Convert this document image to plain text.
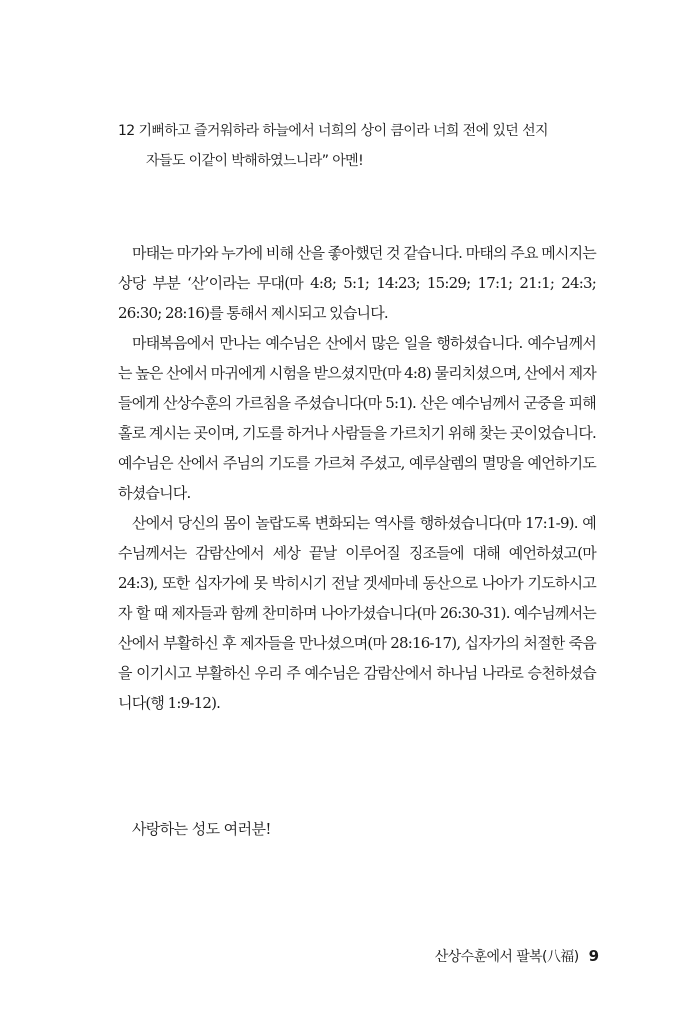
12 기뻐하고 즐거워하라 하늘에서 너희의 상이 큼이라 너희 전에 있던 선지
자들도 이같이 박해하였느니라” 아멘!

마태는 마가와 누가에 비해 산을 좋아했던 것 같습니다. 마태의 주요 메시지는 상당 부분 ‘산’이라는 무대(마 4:8; 5:1; 14:23; 15:29; 17:1; 21:1; 24:3; 26:30; 28:16)를 통해서 제시되고 있습니다.

마태복음에서 만나는 예수님은 산에서 많은 일을 행하셨습니다. 예수님께서는 높은 산에서 마귀에게 시험을 받으셨지만(마 4:8) 물리치셨으며, 산에서 제자들에게 산상수훈의 가르침을 주셨습니다(마 5:1). 산은 예수님께서 군중을 피해 홀로 계시는 곳이며, 기도를 하거나 사람들을 가르치기 위해 찾는 곳이었습니다. 예수님은 산에서 주님의 기도를 가르쳐 주셨고, 예루살렘의 멸망을 예언하기도 하셨습니다.

산에서 당신의 몸이 놀랍도록 변화되는 역사를 행하셨습니다(마 17:1-9). 예수님께서는 감람산에서 세상 끝날 이루어질 징조들에 대해 예언하셨고(마 24:3), 또한 십자가에 못 박히시기 전날 겟세마네 동산으로 나아가 기도하시고자 할 때 제자들과 함께 찬미하며 나아가셨습니다(마 26:30-31). 예수님께서는 산에서 부활하신 후 제자들을 만나셨으며(마 28:16-17), 십자가의 처절한 죽음을 이기시고 부활하신 우리 주 예수님은 감람산에서 하나님 나라로 승천하셨습니다(행 1:9-12).

사랑하는 성도 여러분!
산상수훈에서 팔복(八福) 9
